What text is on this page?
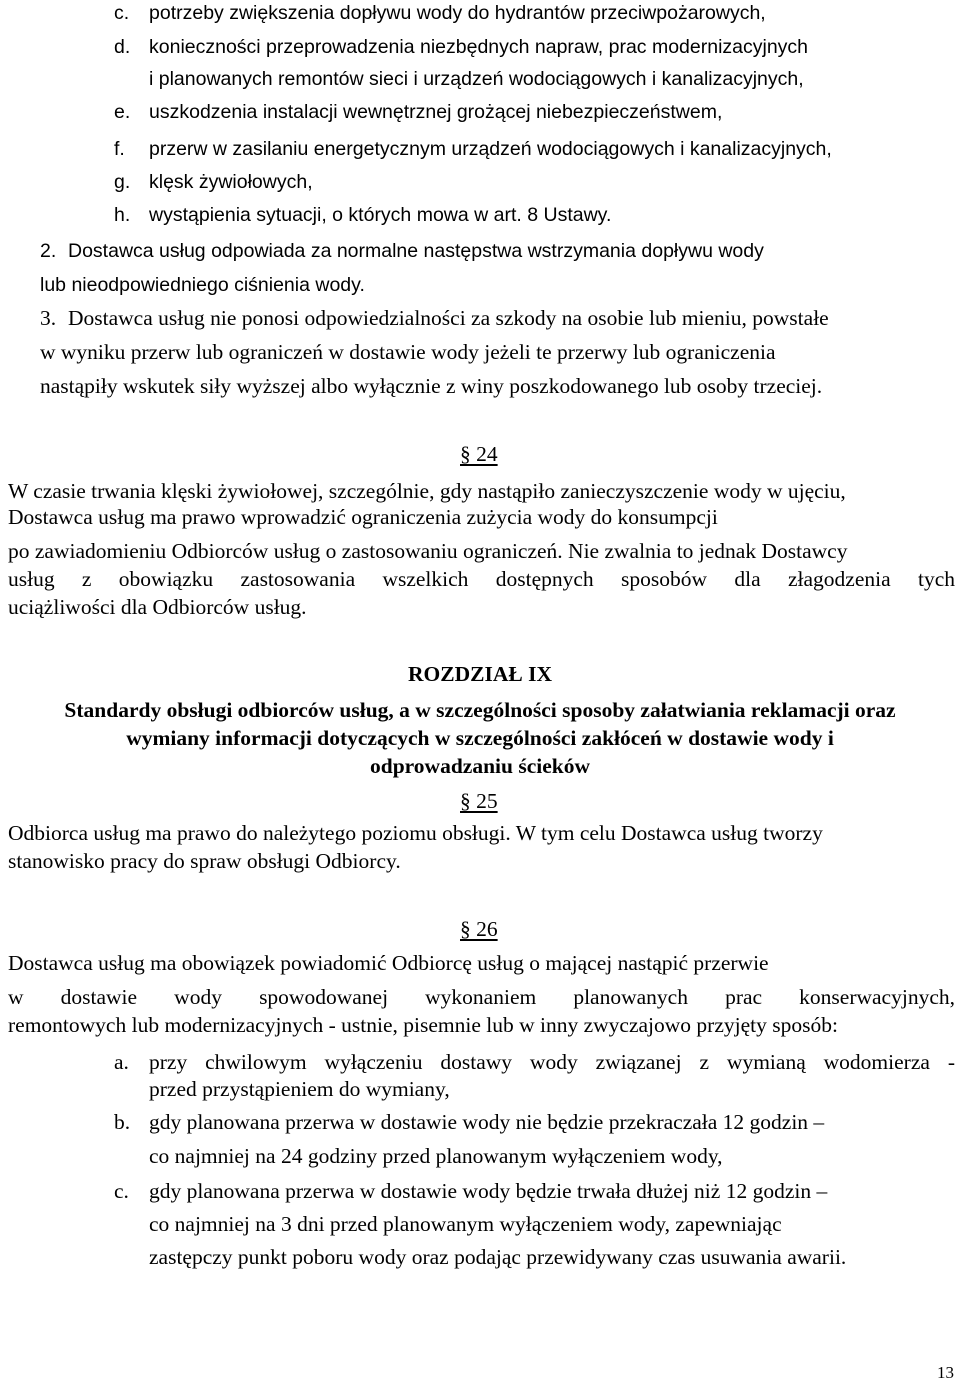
c. potrzeby zwiększenia dopływu wody do hydrantów przeciwpożarowych,
d. konieczności przeprowadzenia niezbędnych napraw, prac modernizacyjnych
i planowanych remontów sieci i urządzeń wodociągowych i kanalizacyjnych,
e. uszkodzenia instalacji wewnętrznej grożącej niebezpieczeństwem,
f. przerw w zasilaniu energetycznym urządzeń wodociągowych i kanalizacyjnych,
g. klęsk żywiołowych,
h. wystąpienia sytuacji, o których mowa w art. 8 Ustawy.
2. Dostawca usług odpowiada za normalne następstwa wstrzymania dopływu wody
lub nieodpowiedniego ciśnienia wody.
3. Dostawca usług nie ponosi odpowiedzialności za szkody na osobie lub mieniu, powstałe
w wyniku przerw lub ograniczeń w dostawie wody jeżeli te przerwy lub ograniczenia
nastąpiły wskutek siły wyższej albo wyłącznie z winy poszkodowanego lub osoby trzeciej.
§ 24
W czasie trwania klęski żywiołowej, szczególnie, gdy nastąpiło zanieczyszczenie wody w ujęciu,
Dostawca usług ma prawo wprowadzić ograniczenia zużycia wody do konsumpcji
po zawiadomieniu Odbiorców usług o zastosowaniu ograniczeń. Nie zwalnia to jednak Dostawcy
usług z obowiązku zastosowania wszelkich dostępnych sposobów dla złagodzenia tych
uciążliwości dla Odbiorców usług.
ROZDZIAŁ IX
Standardy obsługi odbiorców usług, a w szczególności sposoby załatwiania reklamacji oraz
wymiany informacji dotyczących w szczególności zakłóceń w dostawie wody i
odprowadzaniu ścieków
§ 25
Odbiorca usług ma prawo do należytego poziomu obsługi. W tym celu Dostawca usług tworzy
stanowisko pracy do spraw obsługi Odbiorcy.
§ 26
Dostawca usług ma obowiązek powiadomić Odbiorcę usług o mającej nastąpić przerwie
w dostawie wody spowodowanej wykonaniem planowanych prac konserwacyjnych,
remontowych lub modernizacyjnych - ustnie, pisemnie lub w inny zwyczajowo przyjęty sposób:
a. przy chwilowym wyłączeniu dostawy wody związanej z wymianą wodomierza -
przed przystąpieniem do wymiany,
b. gdy planowana przerwa w dostawie wody nie będzie przekraczała 12 godzin –
co najmniej na 24 godziny przed planowanym wyłączeniem wody,
c. gdy planowana przerwa w dostawie wody będzie trwała dłużej niż 12 godzin –
co najmniej na 3 dni przed planowanym wyłączeniem wody, zapewniając
zastępczy punkt poboru wody oraz podając przewidywany czas usuwania awarii.
13
